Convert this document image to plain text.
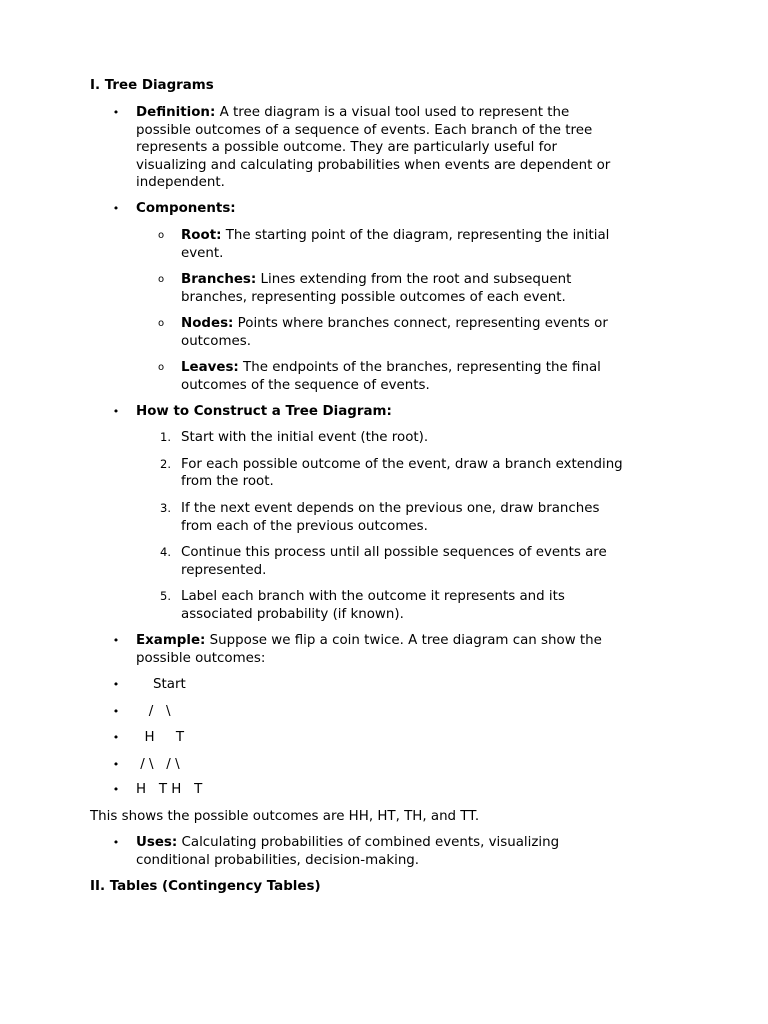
I. Tree Diagrams
• Definition: A tree diagram is a visual tool used to represent the
possible outcomes of a sequence of events. Each branch of the tree
represents a possible outcome. They are particularly useful for
visualizing and calculating probabilities when events are dependent or
independent.
• Components:
o Root: The starting point of the diagram, representing the initial
event.
o Branches: Lines extending from the root and subsequent
branches, representing possible outcomes of each event.
o Nodes: Points where branches connect, representing events or
outcomes.
o Leaves: The endpoints of the branches, representing the final
outcomes of the sequence of events.
• How to Construct a Tree Diagram:
1. Start with the initial event (the root).
2. For each possible outcome of the event, draw a branch extending
from the root.
3. If the next event depends on the previous one, draw branches
from each of the previous outcomes.
4. Continue this process until all possible sequences of events are
represented.
5. Label each branch with the outcome it represents and its
associated probability (if known).
• Example: Suppose we flip a coin twice. A tree diagram can show the
possible outcomes:
• Start
• /   \
• H     T
• / \   / \
• H   T H   T
This shows the possible outcomes are HH, HT, TH, and TT.
• Uses: Calculating probabilities of combined events, visualizing
conditional probabilities, decision-making.
II. Tables (Contingency Tables)
